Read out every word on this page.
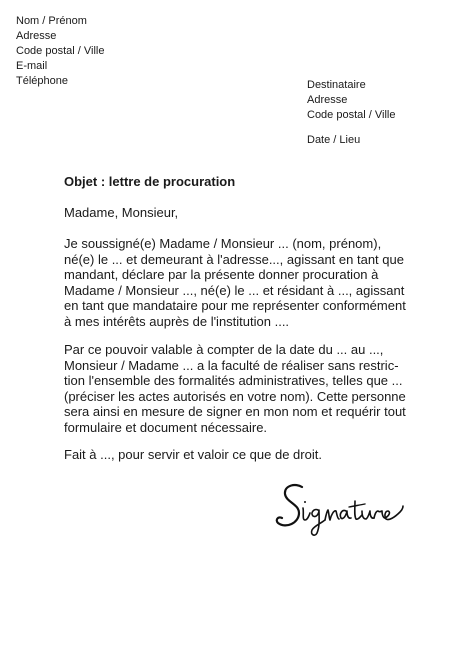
Nom / Prénom
Adresse
Code postal / Ville
E-mail
Téléphone	Destinataire
Adresse
Code postal / Ville
Date / Lieu
Objet : lettre de procuration
Madame, Monsieur,
Je soussigné(e) Madame / Monsieur ... (nom, prénom),
né(e) le ... et demeurant à l'adresse..., agissant en tant que
mandant, déclare par la présente donner procuration à
Madame / Monsieur ..., né(e) le ... et résidant à ..., agissant
en tant que mandataire pour me représenter conformément
à mes intérêts auprès de l'institution ....
Par ce pouvoir valable à compter de la date du ... au ...,
Monsieur / Madame ... a la faculté de réaliser sans restric-
tion l'ensemble des formalités administratives, telles que ...
(préciser les actes autorisés en votre nom). Cette personne
sera ainsi en mesure de signer en mon nom et requérir tout
formulaire et document nécessaire.
Fait à ..., pour servir et valoir ce que de droit.
